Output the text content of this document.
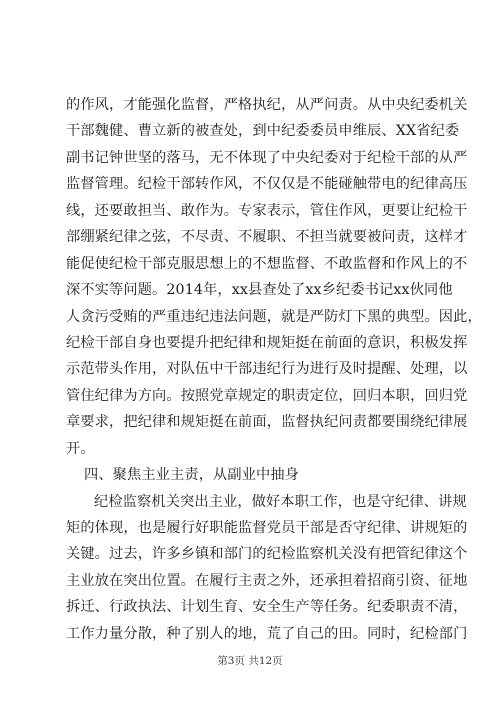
的作风，才能强化监督，严格执纪，从严问责。从中央纪委机关
干部魏健、曹立新的被查处，到中纪委委员申维辰、XX省纪委
副书记钟世坚的落马，无不体现了中央纪委对于纪检干部的从严
监督管理。纪检干部转作风，不仅仅是不能碰触带电的纪律高压
线，还要敢担当、敢作为。专家表示，管住作风，更要让纪检干
部绷紧纪律之弦，不尽责、不履职、不担当就要被问责，这样才
能促使纪检干部克服思想上的不想监督、不敢监督和作风上的不
深不实等问题。2014年，xx县查处了xx乡纪委书记xx伙同他
人贪污受贿的严重违纪违法问题，就是严防灯下黑的典型。因此，
纪检干部自身也要提升把纪律和规矩挺在前面的意识，积极发挥
示范带头作用，对队伍中干部违纪行为进行及时提醒、处理，以
管住纪律为方向。按照党章规定的职责定位，回归本职，回归党
章要求，把纪律和规矩挺在前面，监督执纪问责都要围绕纪律展
开。
四、聚焦主业主责，从副业中抽身
纪检监察机关突出主业，做好本职工作，也是守纪律、讲规
矩的体现，也是履行好职能监督党员干部是否守纪律、讲规矩的
关键。过去，许多乡镇和部门的纪检监察机关没有把管纪律这个
主业放在突出位置。在履行主责之外，还承担着招商引资、征地
拆迁、行政执法、计划生育、安全生产等任务。纪委职责不清，
工作力量分散，种了别人的地，荒了自己的田。同时，纪检部门
第3页 共12页
